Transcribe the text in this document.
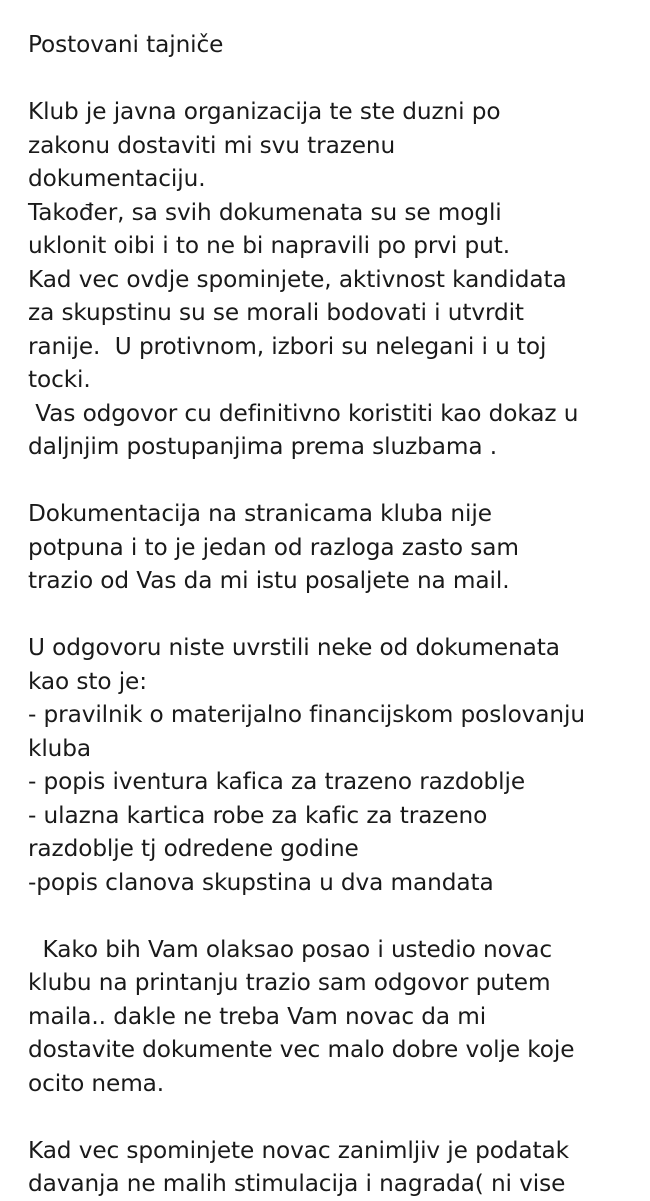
Postovani tajniče
Klub je javna organizacija te ste duzni po
zakonu dostaviti mi svu trazenu
dokumentaciju.
Također, sa svih dokumenata su se mogli
uklonit oibi i to ne bi napravili po prvi put.
Kad vec ovdje spominjete, aktivnost kandidata
za skupstinu su se morali bodovati i utvrdit
ranije.  U protivnom, izbori su nelegani i u toj
tocki.
Vas odgovor cu definitivno koristiti kao dokaz u
daljnjim postupanjima prema sluzbama .
Dokumentacija na stranicama kluba nije
potpuna i to je jedan od razloga zasto sam
trazio od Vas da mi istu posaljete na mail.
U odgovoru niste uvrstili neke od dokumenata
kao sto je:
- pravilnik o materijalno financijskom poslovanju
kluba
- popis iventura kafica za trazeno razdoblje
- ulazna kartica robe za kafic za trazeno
razdoblje tj odredene godine
-popis clanova skupstina u dva mandata
Kako bih Vam olaksao posao i ustedio novac
klubu na printanju trazio sam odgovor putem
maila.. dakle ne treba Vam novac da mi
dostavite dokumente vec malo dobre volje koje
ocito nema.
Kad vec spominjete novac zanimljiv je podatak
davanja ne malih stimulacija i nagrada( ni vise
